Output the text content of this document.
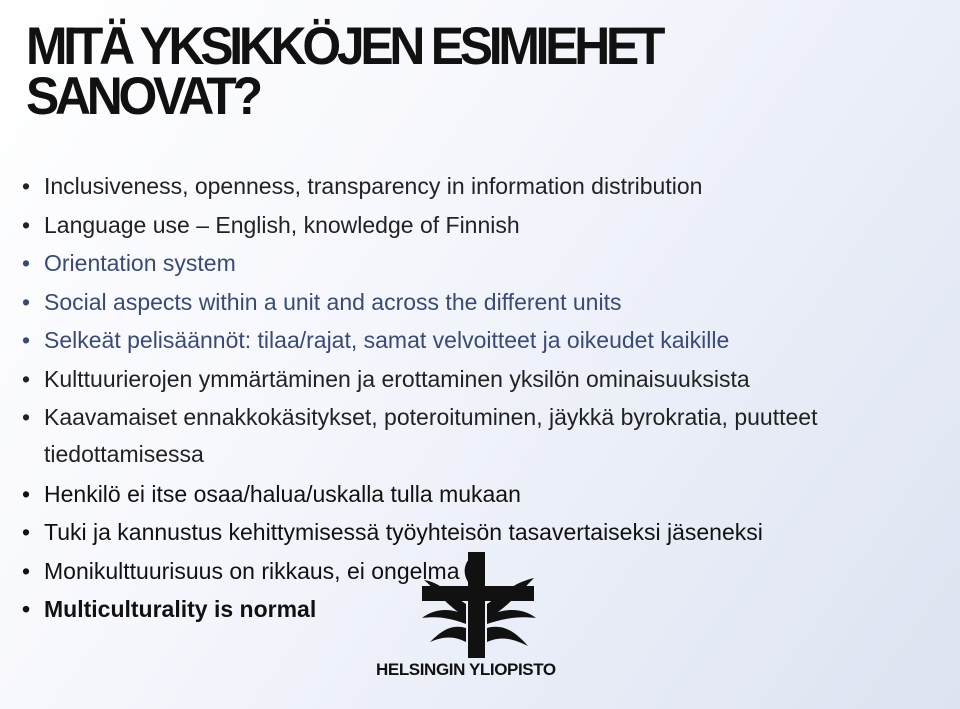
MITÄ YKSIKKÖJEN ESIMIEHET SANOVAT?
• Inclusiveness, openness, transparency in information distribution
• Language use – English, knowledge of Finnish
• Orientation system
• Social aspects within a unit and across the different units
• Selkeät pelisäännöt: tilaa/rajat, samat velvoitteet ja oikeudet kaikille
• Kulttuurierojen ymmärtäminen ja erottaminen yksilön ominaisuuksista
• Kaavamaiset ennakkokäsitykset, poteroituminen, jäykkä byrokratia, puutteet tiedottamisessa
• Henkilö ei itse osaa/halua/uskalla tulla mukaan
• Tuki ja kannustus kehittymisessä työyhteisön tasavertaiseksi jäseneksi
• Monikulttuurisuus on rikkaus, ei ongelma
• Multiculturality is normal
HELSINGIN YLIOPISTO
